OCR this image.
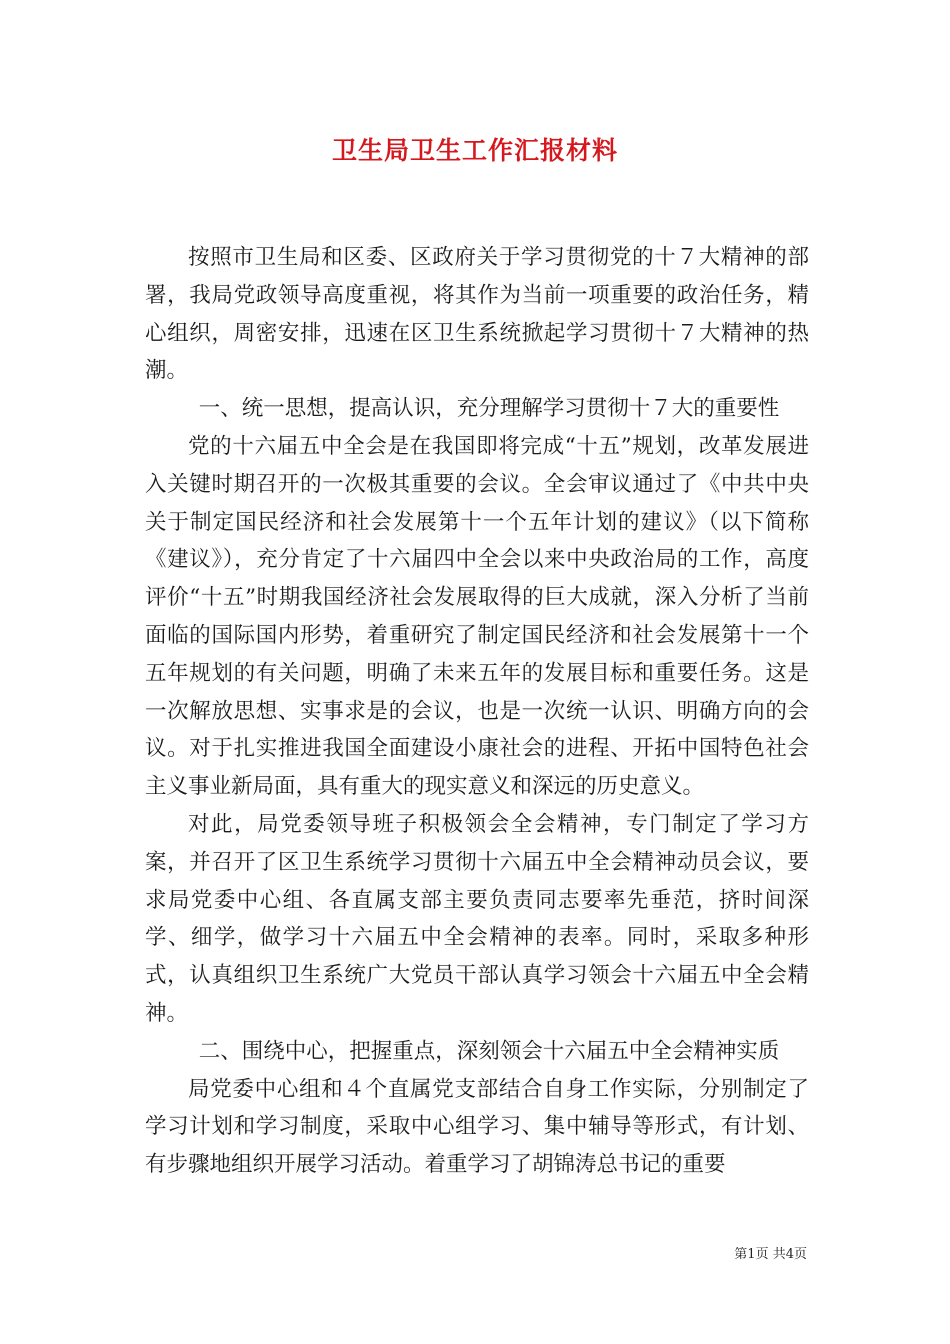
卫生局卫生工作汇报材料

按照市卫生局和区委、区政府关于学习贯彻党的十７大精神的部署，我局党政领导高度重视，将其作为当前一项重要的政治任务，精心组织，周密安排，迅速在区卫生系统掀起学习贯彻十７大精神的热潮。

一、统一思想，提高认识，充分理解学习贯彻十７大的重要性

党的十六届五中全会是在我国即将完成“十五”规划，改革发展进入关键时期召开的一次极其重要的会议。全会审议通过了《中共中央关于制定国民经济和社会发展第十一个五年计划的建议》（以下简称《建议》），充分肯定了十六届四中全会以来中央政治局的工作，高度评价“十五”时期我国经济社会发展取得的巨大成就，深入分析了当前面临的国际国内形势，着重研究了制定国民经济和社会发展第十一个五年规划的有关问题，明确了未来五年的发展目标和重要任务。这是一次解放思想、实事求是的会议，也是一次统一认识、明确方向的会议。对于扎实推进我国全面建设小康社会的进程、开拓中国特色社会主义事业新局面，具有重大的现实意义和深远的历史意义。

对此，局党委领导班子积极领会全会精神，专门制定了学习方案，并召开了区卫生系统学习贯彻十六届五中全会精神动员会议，要求局党委中心组、各直属支部主要负责同志要率先垂范，挤时间深学、细学，做学习十六届五中全会精神的表率。同时，采取多种形式，认真组织卫生系统广大党员干部认真学习领会十六届五中全会精神。

二、围绕中心，把握重点，深刻领会十六届五中全会精神实质

局党委中心组和４个直属党支部结合自身工作实际，分别制定了学习计划和学习制度，采取中心组学习、集中辅导等形式，有计划、有步骤地组织开展学习活动。着重学习了胡锦涛总书记的重要

第1页 共4页
